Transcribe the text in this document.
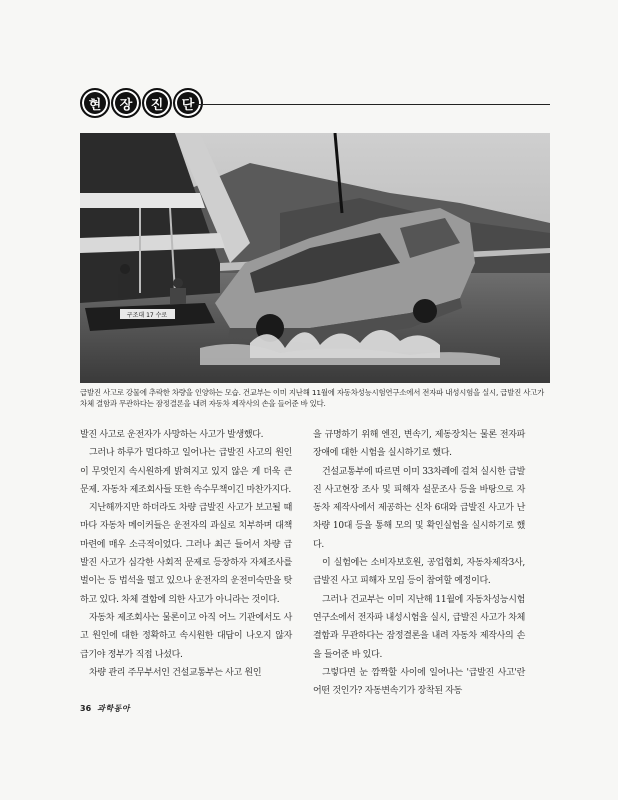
현	장	진	단
구조대 17 수로
급발진 사고로 강물에 추락한 차량을 인양하는 모습. 건교부는 이미 지난해 11월에 자동차성능시험연구소에서 전자파 내성시험을 실시, 급발진 사고가 차체 결함과 무관하다는 잠정결론을 내려 자동차 제작사의 손을 들어준 바 있다.

발진 사고로 운전자가 사망하는 사고가 발생했다.

그러나 하루가 멀다하고 일어나는 급발진 사고의 원인이 무엇인지 속시원하게 밝혀지고 있지 않은 게 더욱 큰 문제. 자동차 제조회사들 또한 속수무책이긴 마찬가지다.

지난해까지만 하더라도 차량 급발진 사고가 보고될 때마다 자동차 메이커들은 운전자의 과실로 치부하며 대책마련에 매우 소극적이었다. 그러나 최근 들어서 차량 급발진 사고가 심각한 사회적 문제로 등장하자 자체조사를 벌이는 등 법석을 떨고 있으나 운전자의 운전미숙만을 탓하고 있다. 차체 결함에 의한 사고가 아니라는 것이다.

자동차 제조회사는 물론이고 아직 어느 기관에서도 사고 원인에 대한 정확하고 속시원한 대답이 나오지 않자 급기야 정부가 직접 나섰다.

차량 관리 주무부서인 건설교통부는 사고 원인

을 규명하기 위해 엔진, 변속기, 제동장치는 물론 전자파 장애에 대한 시험을 실시하기로 했다.

건설교통부에 따르면 이미 33차례에 걸쳐 실시한 급발진 사고현장 조사 및 피해자 설문조사 등을 바탕으로 자동차 제작사에서 제공하는 신차 6대와 급발진 사고가 난 차량 10대 등을 통해 모의 및 확인실험을 실시하기로 했다.

이 실험에는 소비자보호원, 공업협회, 자동차제작3사, 급발진 사고 피해자 모임 등이 참여할 예정이다.

그러나 건교부는 이미 지난해 11월에 자동차성능시험연구소에서 전자파 내성시험을 실시, 급발진 사고가 차체 결함과 무관하다는 잠정결론을 내려 자동차 제작사의 손을 들어준 바 있다.

그렇다면 눈 깜짝할 사이에 일어나는 '급발진 사고'란 어떤 것인가? 자동변속기가 장착된 자동

36 과학동아
